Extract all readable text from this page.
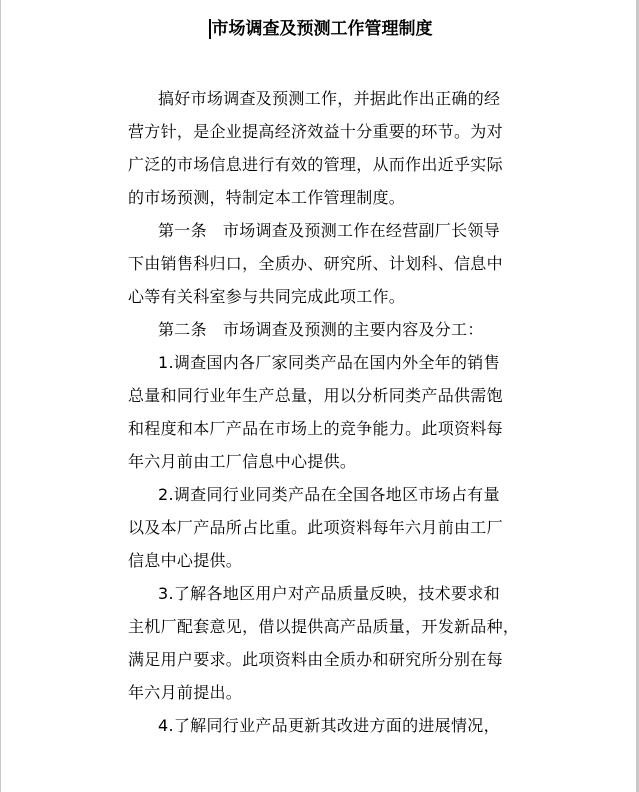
市场调查及预测工作管理制度
搞好市场调查及预测工作，并据此作出正确的经
营方针，是企业提高经济效益十分重要的环节。为对
广泛的市场信息进行有效的管理，从而作出近乎实际
的市场预测，特制定本工作管理制度。
第一条 市场调查及预测工作在经营副厂长领导
下由销售科归口，全质办、研究所、计划科、信息中
心等有关科室参与共同完成此项工作。
第二条 市场调查及预测的主要内容及分工：
1.调查国内各厂家同类产品在国内外全年的销售
总量和同行业年生产总量，用以分析同类产品供需饱
和程度和本厂产品在市场上的竞争能力。此项资料每
年六月前由工厂信息中心提供。
2.调查同行业同类产品在全国各地区市场占有量
以及本厂产品所占比重。此项资料每年六月前由工厂
信息中心提供。
3.了解各地区用户对产品质量反映，技术要求和
主机厂配套意见，借以提供高产品质量，开发新品种，
满足用户要求。此项资料由全质办和研究所分别在每
年六月前提出。
4.了解同行业产品更新其改进方面的进展情况，
